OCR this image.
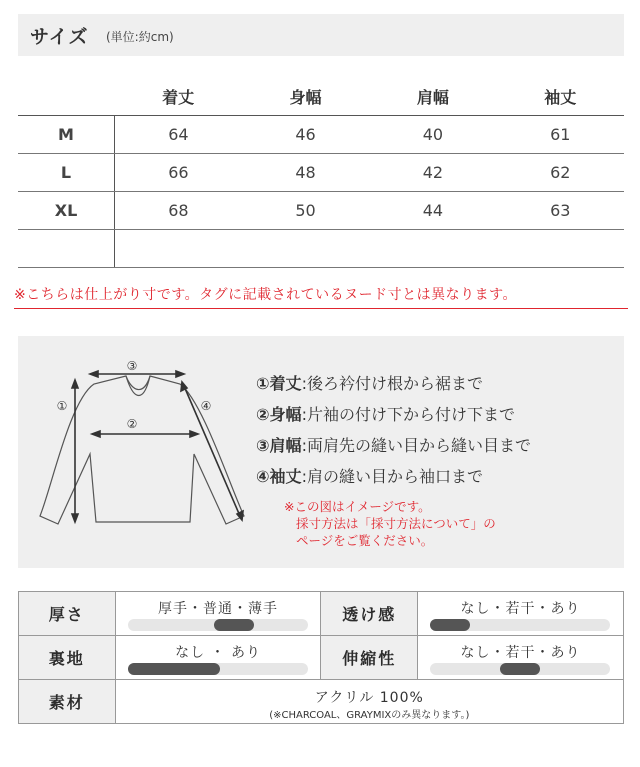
サイズ (単位:約cm)
	着丈	身幅	肩幅	袖丈
M	64	46	40	61
L	66	48	42	62
XL	68	50	44	63

※こちらは仕上がり寸です。タグに記載されているヌード寸とは異なります。
③
②
①	④
①着丈:後ろ衿付け根から裾まで
②身幅:片袖の付け下から付け下まで
③肩幅:両肩先の縫い目から縫い目まで
④袖丈:肩の縫い目から袖口まで
※この図はイメージです。
採寸方法は「採寸方法について」の
ページをご覧ください。
厚さ	厚手・普通・薄手	透け感	なし・若干・あり

裏地	なし ・ あり	伸縮性	なし・若干・あり

素材	アクリル 100%
(※CHARCOAL、GRAYMIXのみ異なります。)		
